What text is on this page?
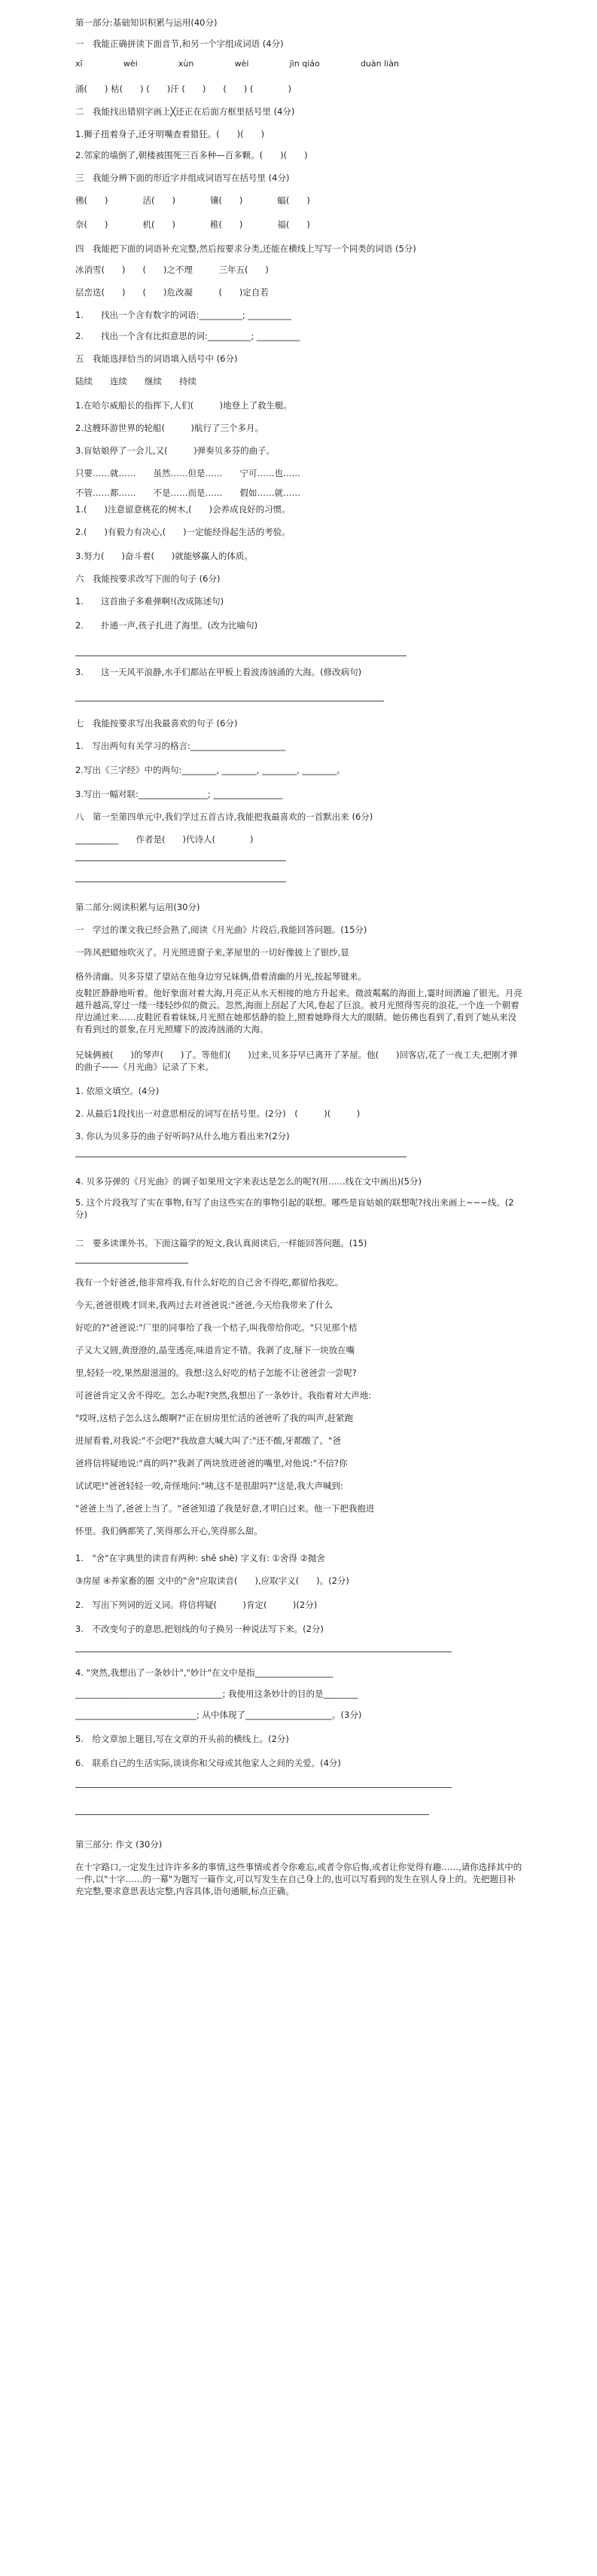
第一部分:基础知识积累与运用(40分)
一　我能正确拼读下面音节,和另一个字组成词语 (4分)
xī	wèi	xùn	wèi	jìn qiáo	duàn liàn
涌(　　) 枯(　　) (　　)汗 (　　)　　(　　) (　　　　)
二　我能找出错别字画上╳还正在后面方框里括号里 (4分)
1.狮子扭着身子,还牙明嘴查着猎狂。(　　)(　　)
2.邻家的墙倒了,朝楼被围死三百多种—百多颗。(　　)(　　)
三　我能分辨下面的形近字并组成词语写在括号里 (4分)
佛(　　)　　　　活(　　)　　　　镶(　　)　　　　蝠(　　)
奈(　　)　　　　机(　　)　　　　稚(　　)　　　　福(　　)
四　我能把下面的词语补充完整,然后按要求分类,还能在横线上写写一个同类的词语 (5分)
冰消雪(　　)　　(　　)之不理　　　三年五(　　)
层峦迭(　　)　　(　　)危改凝　　　(　　)定自若
1.　　找出一个含有数字的词语:__________; __________
2.　　找出一个含有比拟意思的词:__________; __________
五　我能选择恰当的词语填入括号中 (6分)
陆续　　连续　　继续　　持续
1.在哈尔威船长的指挥下,人们(　　　)地登上了救生艇。
2.这艘环游世界的轮船(　　　)航行了三个多月。
3.盲姑娘停了一会儿,又(　　　)弹奏贝多芬的曲子。
只要……就……　　虽然……但是……　　宁可……也……
不管……都……　　不是……而是……　　假如……就……
1.(　　)注意留意桃花的树木,(　　)会养成良好的习惯。
2.(　　)有毅力有决心,(　　)一定能经得起生活的考验。
3.努力(　　)奋斗着(　　)就能够赢人的体质。
六　我能按要求改写下面的句子 (6分)
1.　　这首曲子多难弹啊!(改成陈述句)
2.　　扑通一声,孩子扎进了海里。(改为比喻句)
3.　　这一天风平浪静,水手们都站在甲板上看波涛汹涌的大海。(修改病句)
七　我能按要求写出我最喜欢的句子 (6分)
1.　写出两句有关学习的格言:______________________
2.写出《三字经》中的两句:________, ________, ________, ________。
3.写出一幅对联:________________; ________________
八　第一至第四单元中,我们学过五首古诗,我能把我最喜欢的一首默出来 (6分)
__________　　作者是(　　)代诗人(　　　　)
第二部分:阅读积累与运用(30分)
一　学过的课文我已经会熟了,阅读《月光曲》片段后,我能回答问题。(15分)
一阵风把蜡烛吹灭了。月光照进窗子来,茅屋里的一切好像披上了银纱,显
格外清幽。贝多芬望了望站在他身边穷兄妹俩,借着清幽的月光,按起琴键来。
皮鞋匠静静地听着。他好象面对着大海,月亮正从水天相接的地方升起来。微波粼粼的海面上,霎时间洒遍了银光。月亮越升越高,穿过一缕一缕轻纱似的微云。忽然,海面上刮起了大风,卷起了巨浪。被月光照得雪亮的浪花,一个连一个朝着岸边涌过来……皮鞋匠看着妹妹,月光照在她那恬静的脸上,照着她睁得大大的眼睛。她仿佛也看到了,看到了她从来没有看到过的景象,在月光照耀下的波涛汹涌的大海。
兄妹俩被(　　)的琴声(　　)了。等他们(　　)过来,贝多芬早已离开了茅屋。他(　　)回客店,花了一夜工夫,把刚才弹的曲子——《月光曲》记录了下来。
1. 依原文填空。(4分)
2. 从最后1段找出一对意思相反的词写在括号里。(2分)　(　　　)(　　　)
3. 你认为贝多芬的曲子好听吗?从什么地方看出来?(2分)
4. 贝多芬弹的《月光曲》的调子如果用文字来表达是怎么的呢?(用……线在文中画出)(5分)
5. 这个片段我写了实在事物,有写了由这些实在的事物引起的联想。哪些是盲姑娘的联想呢?找出来画上~~~线。(2分)
二　要多读课外书。下面这篇学的短文,我认真阅读后,一样能回答问题。(15)
我有一个好爸爸,他非常疼我,有什么好吃的自己舍不得吃,都留给我吃。
今天,爸爸很晚才回来,我两过去对爸爸说:"爸爸,今天给我带来了什么
好吃的?"爸爸说:"厂里的同事给了我一个桔子,叫我带给你吃。"只见那个桔
子又大又圆,黄澄澄的,晶莹透亮,味道肯定不错。我剥了皮,掰下一块放在嘴
里,轻轻一咬,果然甜滋滋的。我想:这么好吃的桔子怎能不让爸爸尝一尝呢?
可爸爸肯定又舍不得吃。怎么办呢?突然,我想出了一条妙计。我指着对大声地:
"哎呀,这桔子怎么这么酸啊?"正在厨房里忙活的爸爸听了我的叫声,赶紧跑
进屋看着,对我说:"不会吧?"我故意大喊大叫了:"还不酸,牙都酸了。"爸
爸将信将疑地说:"真的吗?"我剥了两块放进爸爸的嘴里,对他说:"不信?你
试试吧!"爸爸轻轻一咬,奇怪地问:"咦,这不是很甜吗?"这是,我大声喊到:
"爸爸上当了,爸爸上当了。"爸爸知道了我是好意,才明白过来。他一下把我抱进
怀里。我们俩都笑了,笑得那么开心,笑得那么甜。
1.　"舍"在字典里的读音有两种: shě shè) 字义有: ①舍得 ②抛舍
③房屋 ④养家畜的圈 文中的"舍"应取读音(　　),应取字义(　　)。(2分)
2.　写出下列词的近义词。将信将疑(　　　)肯定(　　　)(2分)
3.　不改变句子的意思,把划线的句子换另一种说法写下来。(2分)
4. "突然,我想出了一条妙计","妙计"在文中是指__________________
__________________________________; 我使用这条妙计的目的是________
____________________________; 从中体现了____________________。(3分)
5.　给文章加上题目,写在文章的开头前的横线上。(2分)
6.　联系自己的生活实际,谈谈你和父母或其他家人之间的关爱。(4分)
第三部分: 作文 (30分)
在十字路口,一定发生过许许多多的事情,这些事情或者令你难忘,或者令你后悔,或者让你觉得有趣……,请你选择其中的一件,以"十字……的一幕"为题写一篇作文,可以写发生在自己身上的,也可以写看到的发生在别人身上的。先把题目补充完整,要求意思表达完整,内容具体,语句通顺,标点正确。
